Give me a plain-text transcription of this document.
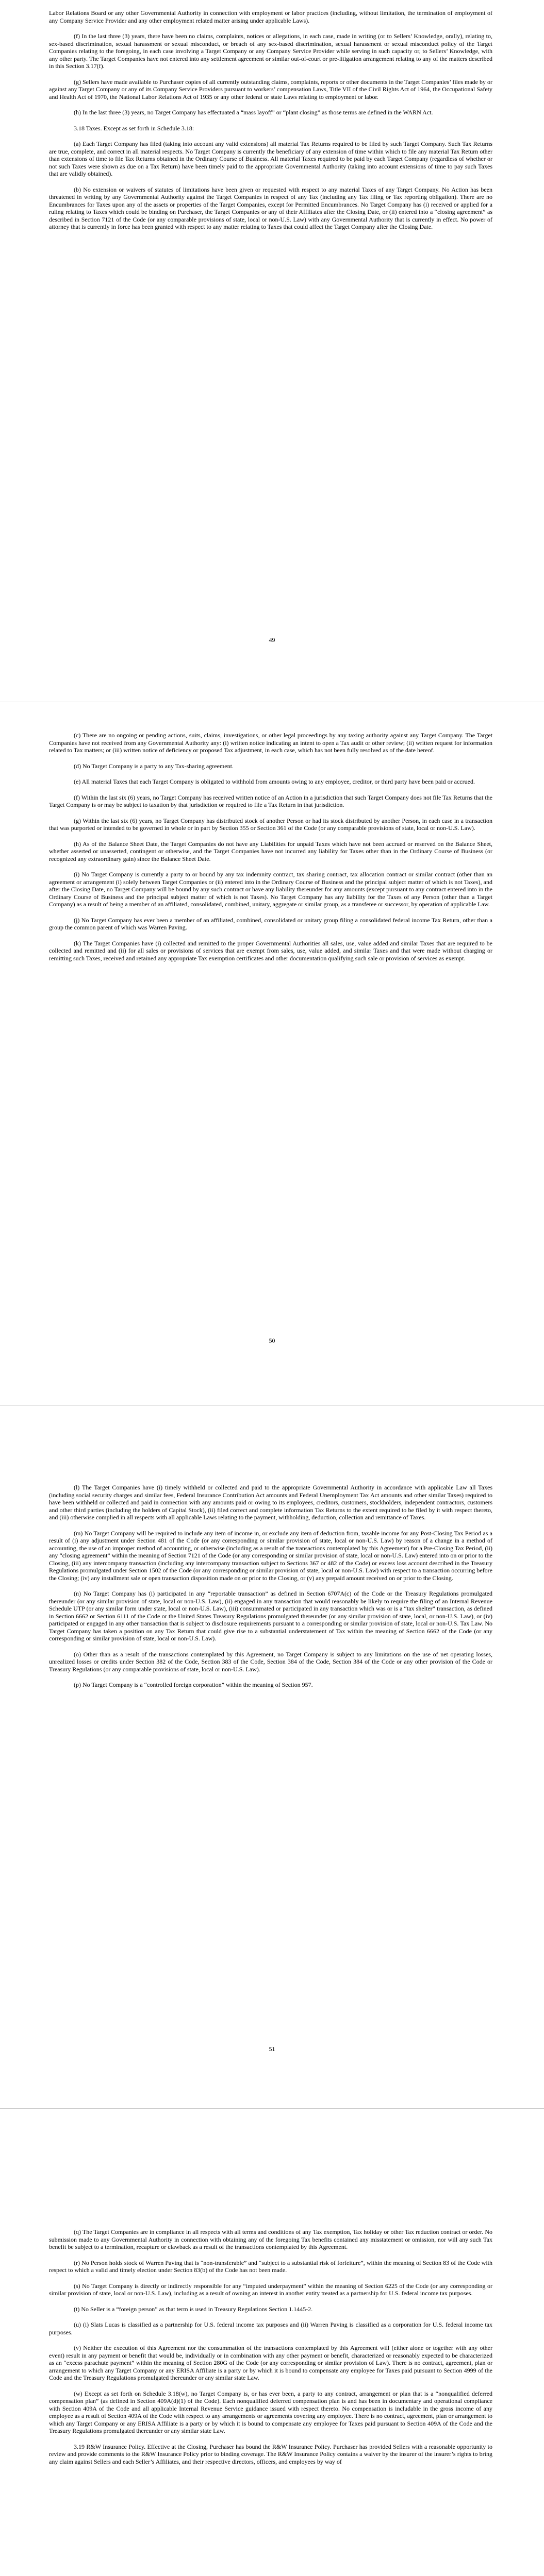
Labor Relations Board or any other Governmental Authority in connection with employment or labor practices (including, without limitation, the termination of employment of any Company Service Provider and any other employment related matter arising under applicable Laws).

(f) In the last three (3) years, there have been no claims, complaints, notices or allegations, in each case, made in writing (or to Sellers’ Knowledge, orally), relating to, sex-based discrimination, sexual harassment or sexual misconduct, or breach of any sex-based discrimination, sexual harassment or sexual misconduct policy of the Target Companies relating to the foregoing, in each case involving a Target Company or any Company Service Provider while serving in such capacity or, to Sellers’ Knowledge, with any other party. The Target Companies have not entered into any settlement agreement or similar out-of-court or pre-litigation arrangement relating to any of the matters described in this Section 3.17(f).

(g) Sellers have made available to Purchaser copies of all currently outstanding claims, complaints, reports or other documents in the Target Companies’ files made by or against any Target Company or any of its Company Service Providers pursuant to workers’ compensation Laws, Title VII of the Civil Rights Act of 1964, the Occupational Safety and Health Act of 1970, the National Labor Relations Act of 1935 or any other federal or state Laws relating to employment or labor.

(h) In the last three (3) years, no Target Company has effectuated a “mass layoff” or “plant closing” as those terms are defined in the WARN Act.

3.18 Taxes. Except as set forth in Schedule 3.18:

(a) Each Target Company has filed (taking into account any valid extensions) all material Tax Returns required to be filed by such Target Company. Such Tax Returns are true, complete, and correct in all material respects. No Target Company is currently the beneficiary of any extension of time within which to file any material Tax Return other than extensions of time to file Tax Returns obtained in the Ordinary Course of Business. All material Taxes required to be paid by each Target Company (regardless of whether or not such Taxes were shown as due on a Tax Return) have been timely paid to the appropriate Governmental Authority (taking into account extensions of time to pay such Taxes that are validly obtained).

(b) No extension or waivers of statutes of limitations have been given or requested with respect to any material Taxes of any Target Company. No Action has been threatened in writing by any Governmental Authority against the Target Companies in respect of any Tax (including any Tax filing or Tax reporting obligation). There are no Encumbrances for Taxes upon any of the assets or properties of the Target Companies, except for Permitted Encumbrances. No Target Company has (i) received or applied for a ruling relating to Taxes which could be binding on Purchaser, the Target Companies or any of their Affiliates after the Closing Date, or (ii) entered into a “closing agreement” as described in Section 7121 of the Code (or any comparable provisions of state, local or non-U.S. Law) with any Governmental Authority that is currently in effect. No power of attorney that is currently in force has been granted with respect to any matter relating to Taxes that could affect the Target Company after the Closing Date.

49

(c) There are no ongoing or pending actions, suits, claims, investigations, or other legal proceedings by any taxing authority against any Target Company. The Target Companies have not received from any Governmental Authority any: (i) written notice indicating an intent to open a Tax audit or other review; (ii) written request for information related to Tax matters; or (iii) written notice of deficiency or proposed Tax adjustment, in each case, which has not been fully resolved as of the date hereof.

(d) No Target Company is a party to any Tax-sharing agreement.

(e) All material Taxes that each Target Company is obligated to withhold from amounts owing to any employee, creditor, or third party have been paid or accrued.

(f) Within the last six (6) years, no Target Company has received written notice of an Action in a jurisdiction that such Target Company does not file Tax Returns that the Target Company is or may be subject to taxation by that jurisdiction or required to file a Tax Return in that jurisdiction.

(g) Within the last six (6) years, no Target Company has distributed stock of another Person or had its stock distributed by another Person, in each case in a transaction that was purported or intended to be governed in whole or in part by Section 355 or Section 361 of the Code (or any comparable provisions of state, local or non-U.S. Law).

(h) As of the Balance Sheet Date, the Target Companies do not have any Liabilities for unpaid Taxes which have not been accrued or reserved on the Balance Sheet, whether asserted or unasserted, contingent or otherwise, and the Target Companies have not incurred any liability for Taxes other than in the Ordinary Course of Business (or recognized any extraordinary gain) since the Balance Sheet Date.

(i) No Target Company is currently a party to or bound by any tax indemnity contract, tax sharing contract, tax allocation contract or similar contract (other than an agreement or arrangement (i) solely between Target Companies or (ii) entered into in the Ordinary Course of Business and the principal subject matter of which is not Taxes), and after the Closing Date, no Target Company will be bound by any such contract or have any liability thereunder for any amounts (except pursuant to any contract entered into in the Ordinary Course of Business and the principal subject matter of which is not Taxes). No Target Company has any liability for the Taxes of any Person (other than a Target Company) as a result of being a member of an affiliated, consolidated, combined, unitary, aggregate or similar group, as a transferee or successor, by operation of applicable Law.

(j) No Target Company has ever been a member of an affiliated, combined, consolidated or unitary group filing a consolidated federal income Tax Return, other than a group the common parent of which was Warren Paving.

(k) The Target Companies have (i) collected and remitted to the proper Governmental Authorities all sales, use, value added and similar Taxes that are required to be collected and remitted and (ii) for all sales or provisions of services that are exempt from sales, use, value added, and similar Taxes and that were made without charging or remitting such Taxes, received and retained any appropriate Tax exemption certificates and other documentation qualifying such sale or provision of services as exempt.

50

(l) The Target Companies have (i) timely withheld or collected and paid to the appropriate Governmental Authority in accordance with applicable Law all Taxes (including social security charges and similar fees, Federal Insurance Contribution Act amounts and Federal Unemployment Tax Act amounts and other similar Taxes) required to have been withheld or collected and paid in connection with any amounts paid or owing to its employees, creditors, customers, stockholders, independent contractors, customers and other third parties (including the holders of Capital Stock), (ii) filed correct and complete information Tax Returns to the extent required to be filed by it with respect thereto, and (iii) otherwise complied in all respects with all applicable Laws relating to the payment, withholding, deduction, collection and remittance of Taxes.

(m) No Target Company will be required to include any item of income in, or exclude any item of deduction from, taxable income for any Post-Closing Tax Period as a result of (i) any adjustment under Section 481 of the Code (or any corresponding or similar provision of state, local or non-U.S. Law) by reason of a change in a method of accounting, the use of an improper method of accounting, or otherwise (including as a result of the transactions contemplated by this Agreement) for a Pre-Closing Tax Period, (ii) any “closing agreement” within the meaning of Section 7121 of the Code (or any corresponding or similar provision of state, local or non-U.S. Law) entered into on or prior to the Closing, (iii) any intercompany transaction (including any intercompany transaction subject to Sections 367 or 482 of the Code) or excess loss account described in the Treasury Regulations promulgated under Section 1502 of the Code (or any corresponding or similar provision of state, local or non-U.S. Law) with respect to a transaction occurring before the Closing; (iv) any installment sale or open transaction disposition made on or prior to the Closing, or (v) any prepaid amount received on or prior to the Closing.

(n) No Target Company has (i) participated in any “reportable transaction” as defined in Section 6707A(c) of the Code or the Treasury Regulations promulgated thereunder (or any similar provision of state, local or non-U.S. Law), (ii) engaged in any transaction that would reasonably be likely to require the filing of an Internal Revenue Schedule UTP (or any similar form under state, local or non-U.S. Law), (iii) consummated or participated in any transaction which was or is a “tax shelter” transaction, as defined in Section 6662 or Section 6111 of the Code or the United States Treasury Regulations promulgated thereunder (or any similar provision of state, local, or non-U.S. Law), or (iv) participated or engaged in any other transaction that is subject to disclosure requirements pursuant to a corresponding or similar provision of state, local or non-U.S. Tax Law. No Target Company has taken a position on any Tax Return that could give rise to a substantial understatement of Tax within the meaning of Section 6662 of the Code (or any corresponding or similar provision of state, local or non-U.S. Law).

(o) Other than as a result of the transactions contemplated by this Agreement, no Target Company is subject to any limitations on the use of net operating losses, unrealized losses or credits under Section 382 of the Code, Section 383 of the Code, Section 384 of the Code, Section 384 of the Code or any other provision of the Code or Treasury Regulations (or any comparable provisions of state, local or non-U.S. Law).

(p) No Target Company is a “controlled foreign corporation” within the meaning of Section 957.

51

(q) The Target Companies are in compliance in all respects with all terms and conditions of any Tax exemption, Tax holiday or other Tax reduction contract or order. No submission made to any Governmental Authority in connection with obtaining any of the foregoing Tax benefits contained any misstatement or omission, nor will any such Tax benefit be subject to a termination, recapture or clawback as a result of the transactions contemplated by this Agreement.

(r) No Person holds stock of Warren Paving that is “non-transferable” and “subject to a substantial risk of forfeiture”, within the meaning of Section 83 of the Code with respect to which a valid and timely election under Section 83(b) of the Code has not been made.

(s) No Target Company is directly or indirectly responsible for any “imputed underpayment” within the meaning of Section 6225 of the Code (or any corresponding or similar provision of state, local or non-U.S. Law), including as a result of owning an interest in another entity treated as a partnership for U.S. federal income tax purposes.

(t) No Seller is a “foreign person” as that term is used in Treasury Regulations Section 1.1445-2.

(u) (i) Slats Lucas is classified as a partnership for U.S. federal income tax purposes and (ii) Warren Paving is classified as a corporation for U.S. federal income tax purposes.

(v) Neither the execution of this Agreement nor the consummation of the transactions contemplated by this Agreement will (either alone or together with any other event) result in any payment or benefit that would be, individually or in combination with any other payment or benefit, characterized or reasonably expected to be characterized as an “excess parachute payment” within the meaning of Section 280G of the Code (or any corresponding or similar provision of Law). There is no contract, agreement, plan or arrangement to which any Target Company or any ERISA Affiliate is a party or by which it is bound to compensate any employee for Taxes paid pursuant to Section 4999 of the Code and the Treasury Regulations promulgated thereunder or any similar state Law.

(w) Except as set forth on Schedule 3.18(w), no Target Company is, or has ever been, a party to any contract, arrangement or plan that is a “nonqualified deferred compensation plan” (as defined in Section 409A(d)(1) of the Code). Each nonqualified deferred compensation plan is and has been in documentary and operational compliance with Section 409A of the Code and all applicable Internal Revenue Service guidance issued with respect thereto. No compensation is includable in the gross income of any employee as a result of Section 409A of the Code with respect to any arrangements or agreements covering any employee. There is no contract, agreement, plan or arrangement to which any Target Company or any ERISA Affiliate is a party or by which it is bound to compensate any employee for Taxes paid pursuant to Section 409A of the Code and the Treasury Regulations promulgated thereunder or any similar state Law.

3.19 R&W Insurance Policy. Effective at the Closing, Purchaser has bound the R&W Insurance Policy. Purchaser has provided Sellers with a reasonable opportunity to review and provide comments to the R&W Insurance Policy prior to binding coverage. The R&W Insurance Policy contains a waiver by the insurer of the insurer’s rights to bring any claim against Sellers and each Seller’s Affiliates, and their respective directors, officers, and employees by way of
